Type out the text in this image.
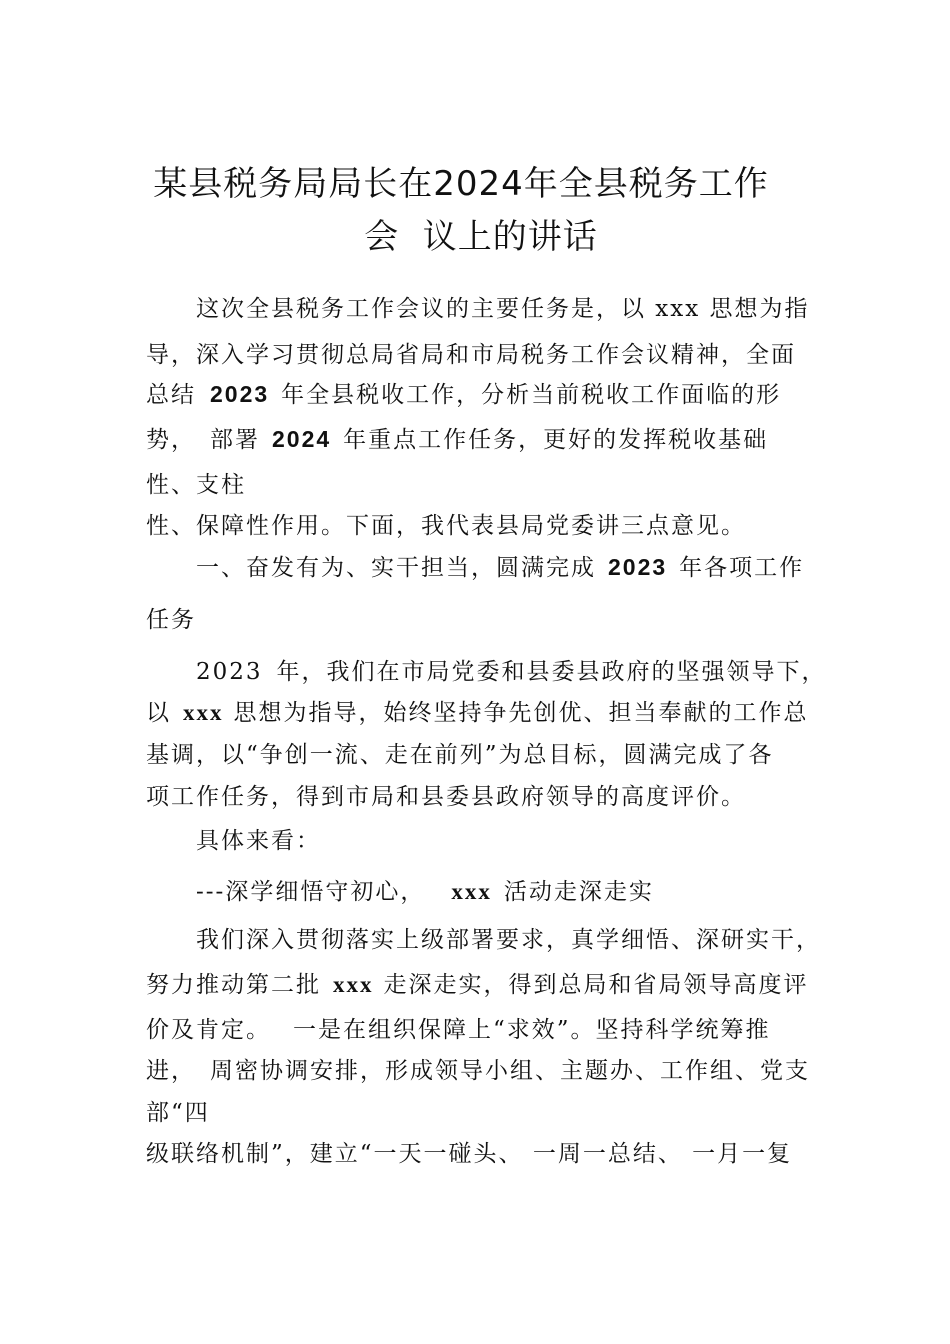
某县税务局局长在2024年全县税务工作
会  议上的讲话
这次全县税务工作会议的主要任务是，以 xxx 思想为指
导，深入学习贯彻总局省局和市局税务工作会议精神，全面
总结 2023 年全县税收工作，分析当前税收工作面临的形
势， 部署 2024 年重点工作任务，更好的发挥税收基础
性、支柱
性、保障性作用。下面，我代表县局党委讲三点意见。
一、奋发有为、实干担当，圆满完成 2023 年各项工作
任务
2023 年，我们在市局党委和县委县政府的坚强领导下，
以 xxx 思想为指导，始终坚持争先创优、担当奉献的工作总
基调，以“争创一流、走在前列”为总目标，圆满完成了各
项工作任务，得到市局和县委县政府领导的高度评价。
具体来看：
---深学细悟守初心， xxx 活动走深走实
我们深入贯彻落实上级部署要求，真学细悟、深研实干，
努力推动第二批 xxx 走深走实，得到总局和省局领导高度评
价及肯定。 一是在组织保障上“求效”。坚持科学统筹推
进， 周密协调安排，形成领导小组、主题办、工作组、党支
部“四
级联络机制”，建立“一天一碰头、 一周一总结、 一月一复
